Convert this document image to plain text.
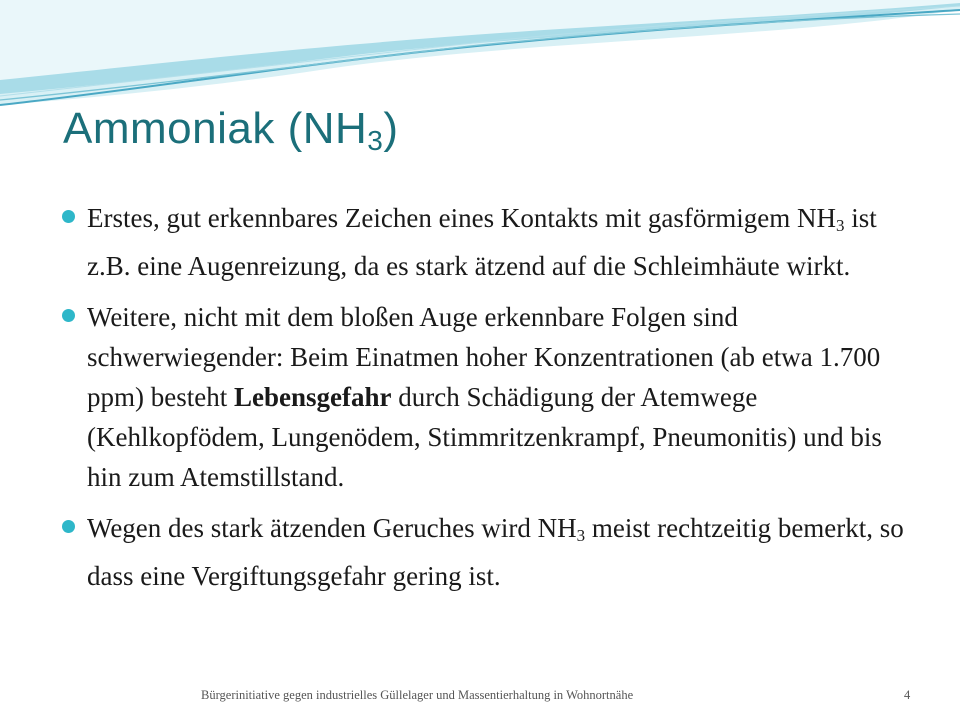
Ammoniak $(NH_3)$
Erstes, gut erkennbares Zeichen eines Kontakts mit gasförmigem $NH_3$ ist z.B. eine Augenreizung, da es stark ätzend auf die Schleimhäute wirkt.
Weitere, nicht mit dem bloßen Auge erkennbare Folgen sind schwerwiegender: Beim Einatmen hoher Konzentrationen (ab etwa 1.700 ppm) besteht Lebensgefahr durch Schädigung der Atemwege (Kehlkopfödem, Lungenödem, Stimmritzenkrampf, Pneumonitis) und bis hin zum Atemstillstand.
Wegen des stark ätzenden Geruches wird $NH_3$ meist rechtzeitig bemerkt, so dass eine Vergiftungsgefahr gering ist.
Bürgerinitiative gegen industrielles Güllelager und Massentierhaltung in Wohnortnähe	4
